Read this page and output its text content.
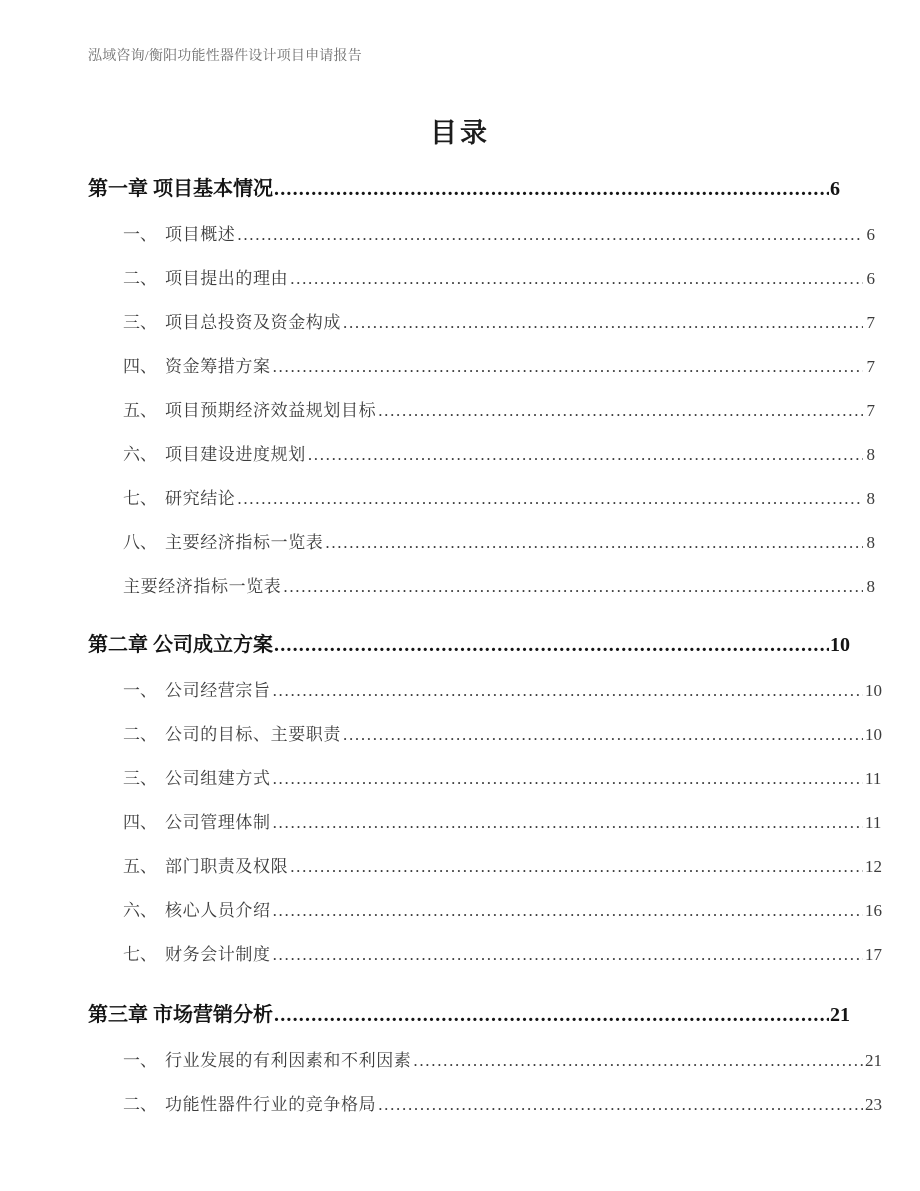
泓域咨询/衡阳功能性器件设计项目申请报告
目录
第一章 项目基本情况 .....	6
一、 项目概述 .....	6
二、 项目提出的理由 .....	6
三、 项目总投资及资金构成 .....	7
四、 资金筹措方案 .....	7
五、 项目预期经济效益规划目标 .....	7
六、 项目建设进度规划 .....	8
七、 研究结论 .....	8
八、 主要经济指标一览表 .....	8
主要经济指标一览表 .....	8
第二章 公司成立方案 .....	10
一、 公司经营宗旨 .....	10
二、 公司的目标、主要职责 .....	10
三、 公司组建方式 .....	11
四、 公司管理体制 .....	11
五、 部门职责及权限 .....	12
六、 核心人员介绍 .....	16
七、 财务会计制度 .....	17
第三章 市场营销分析 .....	21
一、 行业发展的有利因素和不利因素 .....	21
二、 功能性器件行业的竞争格局 .....	23
